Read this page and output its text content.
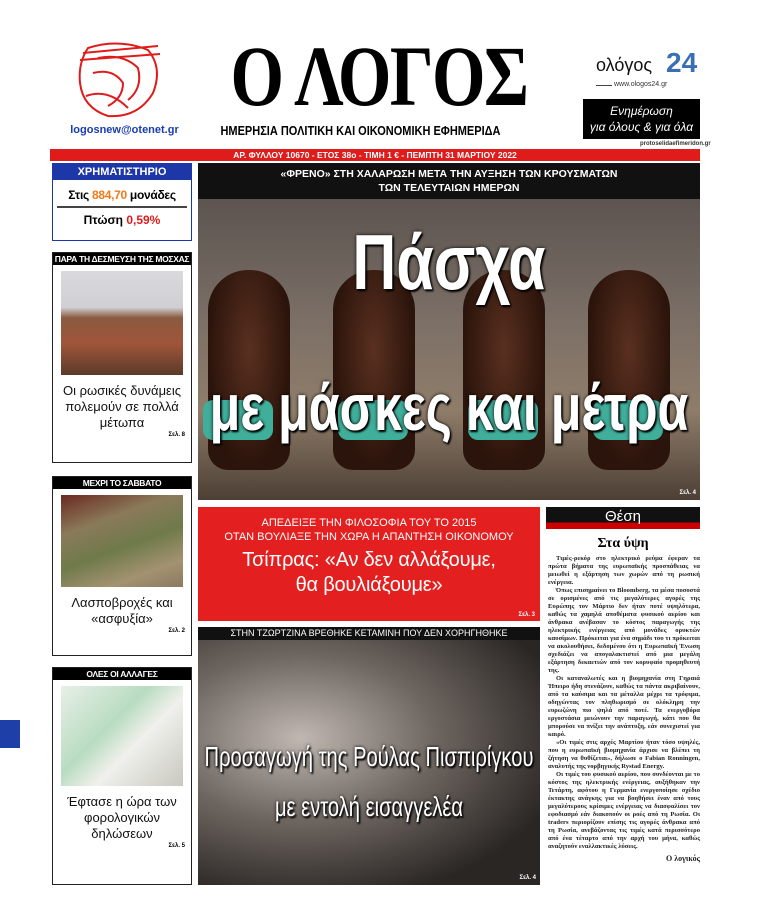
logosnew@otenet.gr
Ο ΛΟΓΟΣ
ΗΜΕΡΗΣΙΑ ΠΟΛΙΤΙΚΗ ΚΑΙ ΟΙΚΟΝΟΜΙΚΗ ΕΦΗΜΕΡΙΔΑ
ολόγος 24
www.ologos24.gr
Ενημέρωση
για όλους & για όλα
protoselidaefimeridon.gr
ΑΡ. ΦΥΛΛΟΥ 10670 - ΕΤΟΣ 38ο - ΤΙΜΗ 1 € - ΠΕΜΠΤΗ 31 ΜΑΡΤΙΟΥ 2022
ΧΡΗΜΑΤΙΣΤΗΡΙΟ
Στις 884,70 μονάδες
Πτώση 0,59%
ΠΑΡΑ ΤΗ ΔΕΣΜΕΥΣΗ ΤΗΣ ΜΟΣΧΑΣ
Οι ρωσικές δυνάμεις πολεμούν σε πολλά μέτωπα
Σελ. 8
ΜΕΧΡΙ ΤΟ ΣΑΒΒΑΤΟ
Λασποβροχές και «ασφυξία»
Σελ. 2
ΟΛΕΣ ΟΙ ΑΛΛΑΓΕΣ
Έφτασε η ώρα των φορολογικών δηλώσεων
Σελ. 5
«ΦΡΕΝΟ» ΣΤΗ ΧΑΛΑΡΩΣΗ ΜΕΤΑ ΤΗΝ ΑΥΞΗΣΗ ΤΩΝ ΚΡΟΥΣΜΑΤΩΝ
ΤΩΝ ΤΕΛΕΥΤΑΙΩΝ ΗΜΕΡΩΝ
Πάσχα
με μάσκες και μέτρα
Σελ. 4
ΑΠΕΔΕΙΞΕ ΤΗΝ ΦΙΛΟΣΟΦΙΑ ΤΟΥ ΤΟ 2015
ΟΤΑΝ ΒΟΥΛΙΑΞΕ ΤΗΝ ΧΩΡΑ Η ΑΠΑΝΤΗΣΗ ΟΙΚΟΝΟΜΟΥ
Τσίπρας: «Αν δεν αλλάξουμε,
θα βουλιάξουμε»
Σελ. 3
ΣΤΗΝ ΤΖΩΡΤΖΙΝΑ ΒΡΕΘΗΚΕ ΚΕΤΑΜΙΝΗ ΠΟΥ ΔΕΝ ΧΟΡΗΓΗΘΗΚΕ
Προσαγωγή της Ρούλας Πισπιρίγκου
με εντολή εισαγγελέα
Σελ. 4
Θέση
Στα ύψη

Τιμές-ρεκόρ στο ηλεκτρικό ρεύμα έφεραν τα πρώτα βήματα της ευρωπαϊκής προσπάθειας να μειωθεί η εξάρτηση των χωρών από τη ρωσική ενέργεια.

Όπως επισημαίνει το Bloomberg, τα μέσα ποσοστά σε ορισμένες από τις μεγαλύτερες αγορές της Ευρώπης τον Μάρτιο δεν ήταν ποτέ υψηλότερα, καθώς τα χαμηλά αποθέματα φυσικού αερίου και άνθρακα ανέβασαν το κόστος παραγωγής της ηλεκτρικής ενέργειας από μονάδες ορυκτών καυσίμων. Πρόκειται για ένα σημάδι του τι πρόκειται να ακολουθήσει, δεδομένου ότι η Ευρωπαϊκή Ένωση σχεδιάζει να απογαλακτιστεί από μια μεγάλη εξάρτηση δεκαετιών από τον κορυφαίο προμηθευτή της.

Οι καταναλωτές και η βιομηχανία στη Γηραιά Ήπειρο ήδη στενάζουν, καθώς τα πάντα ακριβαίνουν, από τα καύσιμα και τα μέταλλα μέχρι τα τρόφιμα, οδηγώντας τον πληθωρισμό σε ολόκληρη την ευρωζώνη πιο ψηλά από ποτέ. Τα ενεργοβόρα εργοστάσια μειώνουν την παραγωγή, κάτι που θα μπορούσε να πνίξει την ανάπτυξη, εάν συνεχιστεί για καιρό.

«Οι τιμές στις αρχές Μαρτίου ήταν τόσο υψηλές, που η ευρωπαϊκή βιομηχανία άρχισε να βλέπει τη ζήτηση να θυθίζεται», δήλωσε ο Fabian Ronningen, αναλυτής της νορβηγικής Rystad Energy.

Οι τιμές του φυσικού αερίου, που συνδέονται με το κόστος της ηλεκτρικής ενέργειας, αυξήθηκαν την Τετάρτη, αφότου η Γερμανία ενεργοποίησε σχέδιο έκτακτης ανάγκης για να βοηθήσει έναν από τους μεγαλύτερους κρίσιμες ενέργειας να διασφαλίσει τον εφοδιασμό εάν διακοπούν οι ροές από τη Ρωσία. Οι traders περιορίζουν επίσης τις αγορές άνθρακα από τη Ρωσία, ανεβάζοντας τις τιμές κατά περισσότερο από ένα τέταρτο από την αρχή του μήνα, καθώς αναζητούν εναλλακτικές λύσεις.

Ο λογικός
